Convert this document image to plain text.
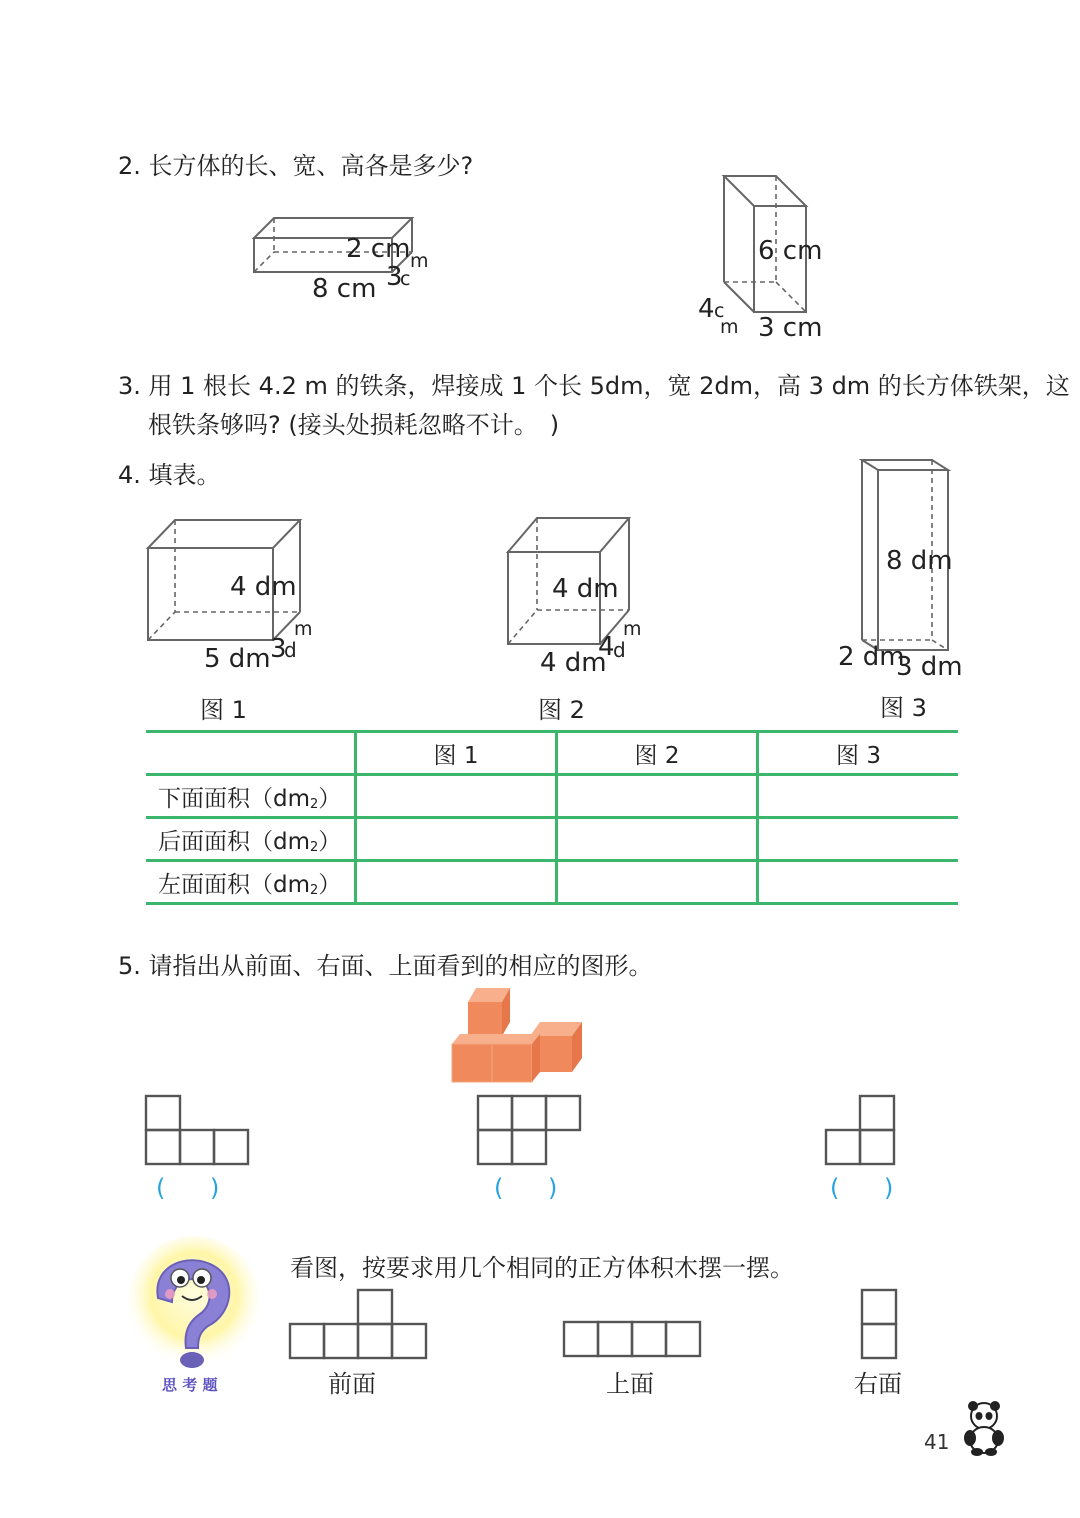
2. 长方体的长、宽、高各是多少?
2 cm
3
c
m
8 cm
6 cm
4 c
m 3 cm
3. 用 1 根长 4.2 m 的铁条，焊接成 1 个长 5dm，宽 2dm，高 3 dm 的长方体铁架，这
根铁条够吗? (接头处损耗忽略不计。　)
4. 填表。
4 dm
3
d
m
5 dm
图 1
4 dm
4
d
m
4 dm
图 2
8 dm
2 dm
3 dm
图 3
	图 1	图 2	图 3
下面面积$(dm_2)$			
后面面积$(dm_2)$			
左面面积$(dm_2)$			
5. 请指出从前面、右面、上面看到的相应的图形。
( )	( )	( )
思 考 题
看图，按要求用几个相同的正方体积木摆一摆。
前面	上面	右面
41
